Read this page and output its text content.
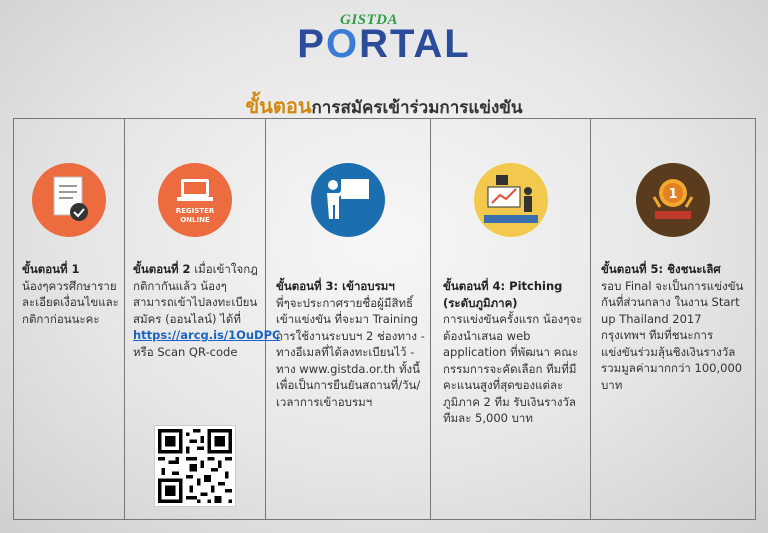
GISTDA
PORTAL
ขั้นตอนการสมัครเข้าร่วมการแข่งขัน
ขั้นตอนที่ 1
น้องๆควรศึกษารายละเอียดเงื่อนไขและกติกาก่อนนะคะ
REGISTER
ONLINE
ขั้นตอนที่ 2 เมื่อเข้าใจกฎกติกากันแล้ว น้องๆสามารถเข้าไปลงทะเบียนสมัคร (ออนไลน์) ได้ที่
https://arcg.is/1OuDPC
หรือ Scan QR-code
ขั้นตอนที่ 3: เข้าอบรมฯ
พี่ๆจะประกาศรายชื่อผู้มีสิทธิ์เข้าแข่งขัน ที่จะมา Training การใช้งานระบบฯ 2 ช่องทาง - ทางอีเมลที่ได้ลงทะเบียนไว้ - ทาง www.gistda.or.th ทั้งนี้ เพื่อเป็นการยืนยันสถานที่/วัน/เวลาการเข้าอบรมฯ
ขั้นตอนที่ 4: Pitching (ระดับภูมิภาค)
การแข่งขันครั้งแรก น้องๆจะต้องนำเสนอ web application ที่พัฒนา คณะกรรมการจะคัดเลือก ทีมที่มีคะแนนสูงที่สุดของแต่ละภูมิภาค 2 ทีม รับเงินรางวัล ทีมละ 5,000 บาท
1
ขั้นตอนที่ 5: ชิงชนะเลิศ
รอบ Final จะเป็นการแข่งขันกันที่ส่วนกลาง ในงาน Start up Thailand 2017 กรุงเทพฯ ทีมที่ชนะการแข่งขันร่วมลุ้นชิงเงินรางวัล รวมมูลค่ามากกว่า 100,000 บาท
